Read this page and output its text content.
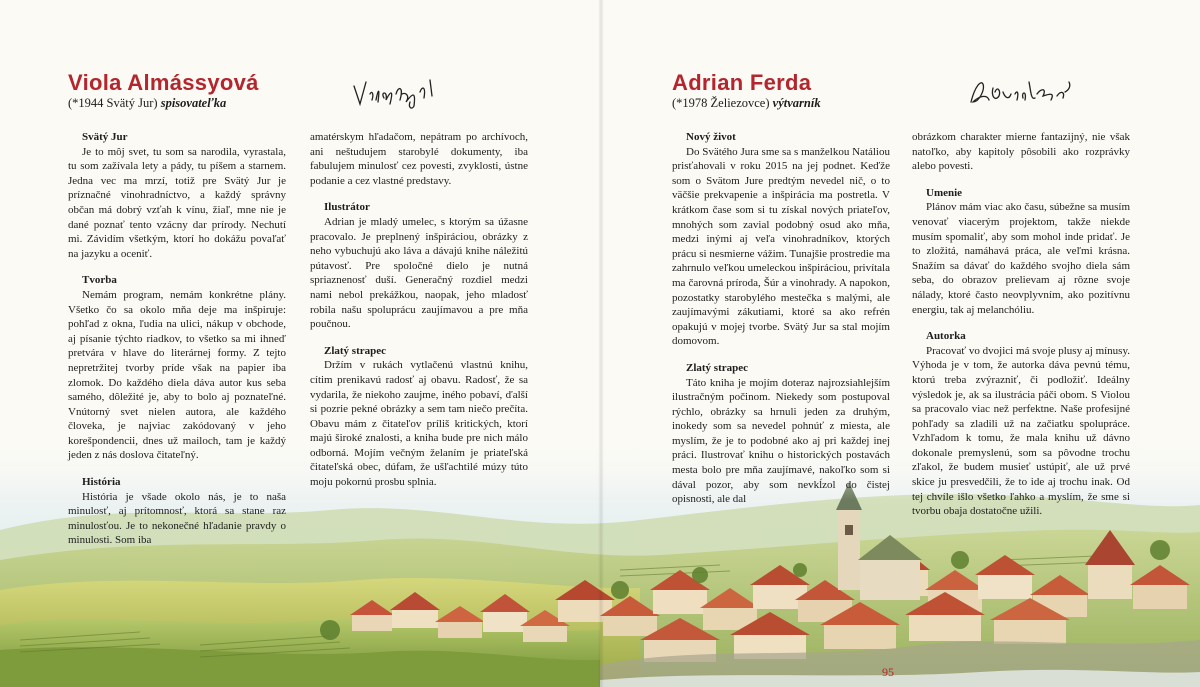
Viola Almássyová

(*1944 Svätý Jur) spisovateľka

Svätý Jur

Je to môj svet, tu som sa narodila, vyrastala, tu som zažívala lety a pády, tu píšem a starnem. Jedna vec ma mrzí, totiž pre Svätý Jur je príznačné vinohradníctvo, a každý správny občan má dobrý vzťah k vínu, žiaľ, mne nie je dané poznať tento vzácny dar prírody. Nechutí mi. Závidím všetkým, ktorí ho dokážu povaľať na jazyku a oceniť.

Tvorba

Nemám program, nemám konkrétne plány. Všetko čo sa okolo mňa deje ma inšpiruje: pohľad z okna, ľudia na ulici, nákup v obchode, aj písanie týchto riadkov, to všetko sa mi ihneď pretvára v hlave do literárnej formy. Z tejto nepretržitej tvorby príde však na papier iba zlomok. Do každého diela dáva autor kus seba samého, dôležité je, aby to bolo aj poznateľné. Vnútorný svet nielen autora, ale každého človeka, je najviac zakódovaný v jeho korešpondencii, dnes už mailoch, tam je každý jeden z nás doslova čitateľný.

História

História je všade okolo nás, je to naša minulosť, aj prítomnosť, ktorá sa stane raz minulosťou. Je to nekonečné hľadanie pravdy o minulosti. Som iba

amatérskym hľadačom, nepátram po archívoch, ani neštudujem starobylé dokumenty, iba fabulujem minulosť cez povesti, zvyklosti, ústne podanie a cez vlastné predstavy.

Ilustrátor

Adrian je mladý umelec, s ktorým sa úžasne pracovalo. Je preplnený inšpiráciou, obrázky z neho vybuchujú ako láva a dávajú knihe náležitú pútavosť. Pre spoločné dielo je nutná spriaznenosť duší. Generačný rozdiel medzi nami nebol prekážkou, naopak, jeho mladosť robila našu spoluprácu zaujímavou a pre mňa poučnou.

Zlatý strapec

Držím v rukách vytlačenú vlastnú knihu, cítim prenikavú radosť aj obavu. Radosť, že sa vydarila, že niekoho zaujme, iného pobaví, ďalší si pozrie pekné obrázky a sem tam niečo prečíta. Obavu mám z čitateľov príliš kritických, ktorí majú široké znalosti, a kniha bude pre nich málo odborná. Mojím večným želaním je priateľská čitateľská obec, dúfam, že ušľachtilé múzy túto moju pokornú prosbu splnia.

Adrian Ferda

(*1978 Želiezovce) výtvarník

Nový život

Do Svätého Jura sme sa s manželkou Natáliou prisťahovali v roku 2015 na jej podnet. Keďže som o Svätom Jure predtým nevedel nič, o to väčšie prekvapenie a inšpirácia ma postretla. V krátkom čase som si tu získal nových priateľov, mnohých som zavial podobný osud ako mňa, medzi inými aj veľa vinohradníkov, ktorých prácu si nesmierne vážim. Tunajšie prostredie ma zahrnulo veľkou umeleckou inšpiráciou, privítala ma čarovná príroda, Šúr a vinohrady. A napokon, pozostatky starobylého mestečka s malými, ale zaujímavými zákutiami, ktoré sa ako refrén opakujú v mojej tvorbe. Svätý Jur sa stal mojím domovom.

Zlatý strapec

Táto kniha je mojím doteraz najrozsiahlejším ilustračným počinom. Niekedy som postupoval rýchlo, obrázky sa hrnuli jeden za druhým, inokedy som sa nevedel pohnúť z miesta, ale myslím, že je to podobné ako aj pri každej inej práci. Ilustrovať knihu o historických postavách mesta bolo pre mňa zaujímavé, nakoľko som si dával pozor, aby som nevkĺzol do čistej opisnosti, ale dal

obrázkom charakter mierne fantazijný, nie však natoľko, aby kapitoly pôsobili ako rozprávky alebo povesti.

Umenie

Plánov mám viac ako času, súbežne sa musím venovať viacerým projektom, takže niekde musím spomaliť, aby som mohol inde pridať. Je to zložitá, namáhavá práca, ale veľmi krásna. Snažím sa dávať do každého svojho diela sám seba, do obrazov prelievam aj rôzne svoje nálady, ktoré často neovplyvním, ako pozitívnu energiu, tak aj melanchóliu.

Autorka

Pracovať vo dvojici má svoje plusy aj mínusy. Výhoda je v tom, že autorka dáva pevnú tému, ktorú treba zvýrazniť, či podložiť. Ideálny výsledok je, ak sa ilustrácia páči obom. S Violou sa pracovalo viac než perfektne. Naše profesijné pohľady sa zladili už na začiatku spolupráce. Vzhľadom k tomu, že mala knihu už dávno dokonale premyslenú, som sa pôvodne trochu zľakol, že budem musieť ustúpiť, ale už prvé skice ju presvedčili, že to ide aj trochu inak. Od tej chvíle išlo všetko ľahko a myslím, že sme si tvorbu obaja dostatočne užili.

95
